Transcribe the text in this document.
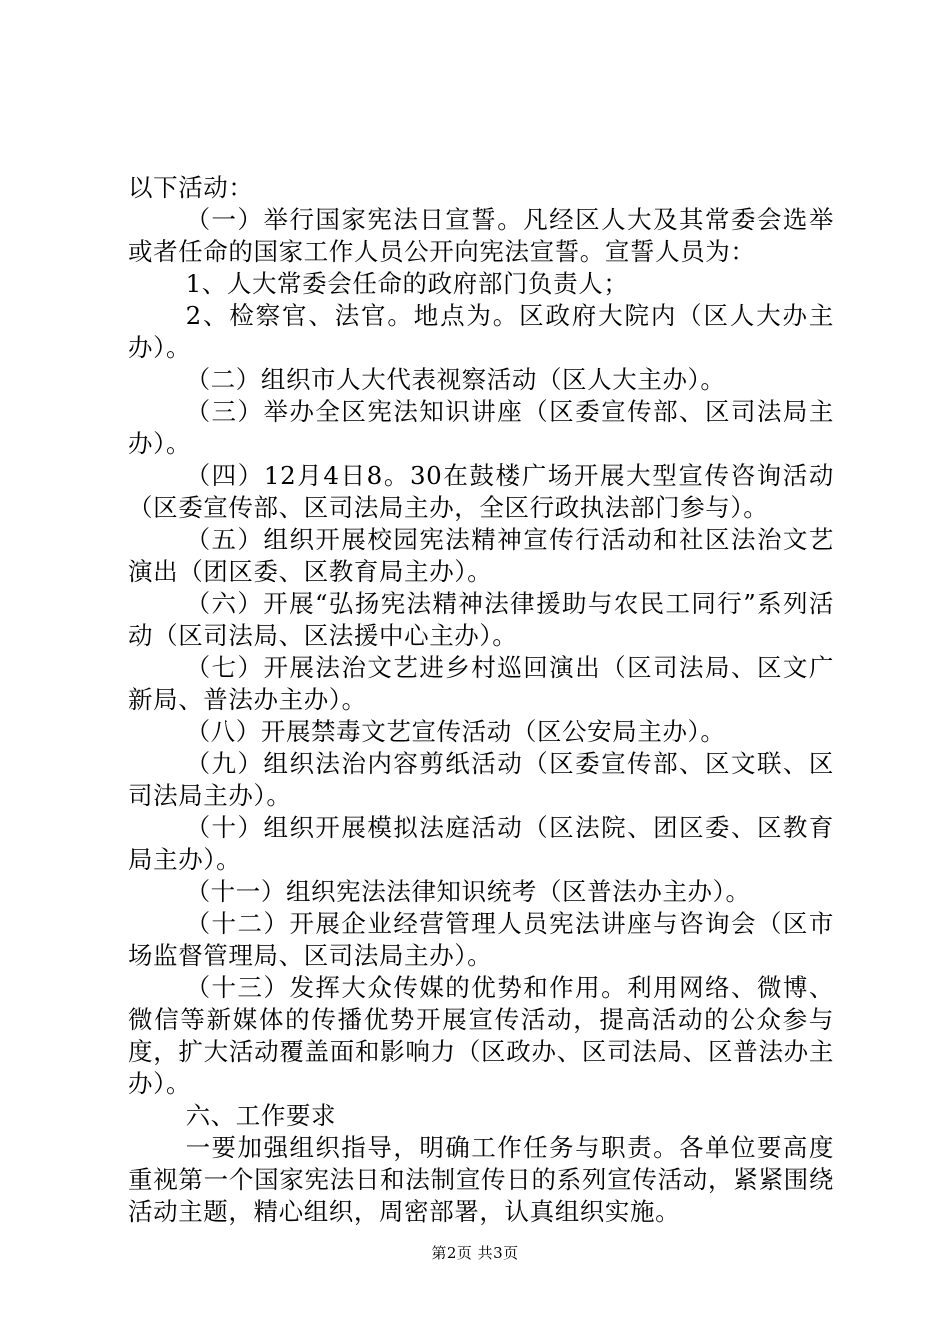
以下活动：

（一）举行国家宪法日宣誓。凡经区人大及其常委会选举或者任命的国家工作人员公开向宪法宣誓。宣誓人员为：

1、人大常委会任命的政府部门负责人；

2、检察官、法官。地点为。区政府大院内（区人大办主办）。

（二）组织市人大代表视察活动（区人大主办）。

（三）举办全区宪法知识讲座（区委宣传部、区司法局主办）。

（四）12月4日8。30在鼓楼广场开展大型宣传咨询活动（区委宣传部、区司法局主办，全区行政执法部门参与）。

（五）组织开展校园宪法精神宣传行活动和社区法治文艺演出（团区委、区教育局主办）。

（六）开展“弘扬宪法精神法律援助与农民工同行”系列活动（区司法局、区法援中心主办）。

（七）开展法治文艺进乡村巡回演出（区司法局、区文广新局、普法办主办）。

（八）开展禁毒文艺宣传活动（区公安局主办）。

（九）组织法治内容剪纸活动（区委宣传部、区文联、区司法局主办）。

（十）组织开展模拟法庭活动（区法院、团区委、区教育局主办）。

（十一）组织宪法法律知识统考（区普法办主办）。

（十二）开展企业经营管理人员宪法讲座与咨询会（区市场监督管理局、区司法局主办）。

（十三）发挥大众传媒的优势和作用。利用网络、微博、微信等新媒体的传播优势开展宣传活动，提高活动的公众参与度，扩大活动覆盖面和影响力（区政办、区司法局、区普法办主办）。

六、工作要求

一要加强组织指导，明确工作任务与职责。各单位要高度重视第一个国家宪法日和法制宣传日的系列宣传活动，紧紧围绕活动主题，精心组织，周密部署，认真组织实施。

第2页 共3页
